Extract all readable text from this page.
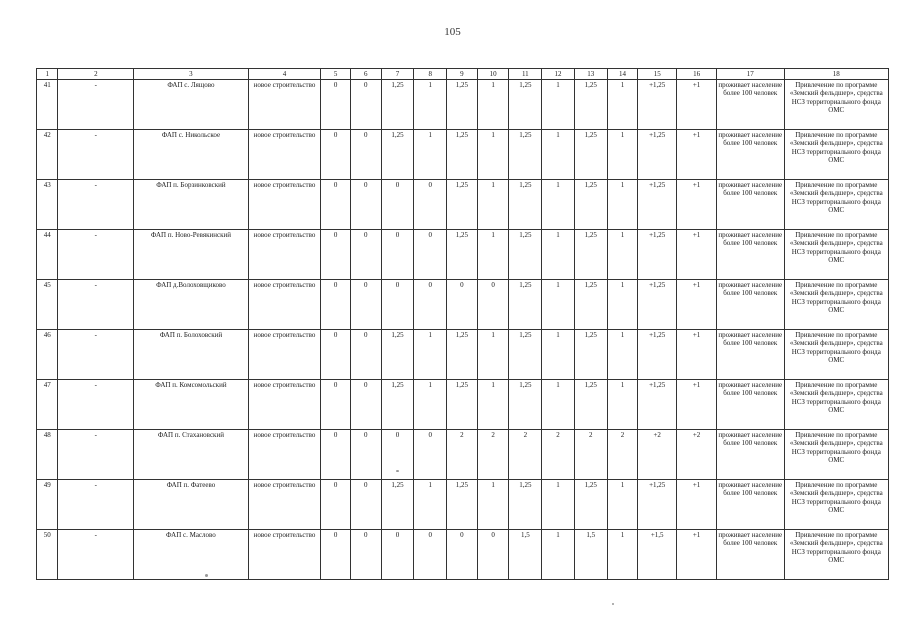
105
1	2	3	4	5	6	7	8	9	10	11	12	13	14	15	16	17	18
41	-	ФАП с. Лящово	новое строительство	0	0	1,25	1	1,25	1	1,25	1	1,25	1	+1,25	+1	проживает население более 100 человек	Привлечение по программе «Земский фельдшер», средства НСЗ территориального фонда ОМС
42	-	ФАП с. Никольское	новое строительство	0	0	1,25	1	1,25	1	1,25	1	1,25	1	+1,25	+1	проживает население более 100 человек	Привлечение по программе «Земский фельдшер», средства НСЗ территориального фонда ОМС
43	-	ФАП п. Борзинковский	новое строительство	0	0	0	0	1,25	1	1,25	1	1,25	1	+1,25	+1	проживает население более 100 человек	Привлечение по программе «Земский фельдшер», средства НСЗ территориального фонда ОМС
44	-	ФАП п. Ново-Ревякинский	новое строительство	0	0	0	0	1,25	1	1,25	1	1,25	1	+1,25	+1	проживает население более 100 человек	Привлечение по программе «Земский фельдшер», средства НСЗ территориального фонда ОМС
45	-	ФАП д.Волоховщиково	новое строительство	0	0	0	0	0	0	1,25	1	1,25	1	+1,25	+1	проживает население более 100 человек	Привлечение по программе «Земский фельдшер», средства НСЗ территориального фонда ОМС
46	-	ФАП п. Болоховский	новое строительство	0	0	1,25	1	1,25	1	1,25	1	1,25	1	+1,25	+1	проживает население более 100 человек	Привлечение по программе «Земский фельдшер», средства НСЗ территориального фонда ОМС
47	-	ФАП п. Комсомольский	новое строительство	0	0	1,25	1	1,25	1	1,25	1	1,25	1	+1,25	+1	проживает население более 100 человек	Привлечение по программе «Земский фельдшер», средства НСЗ территориального фонда ОМС
48	-	ФАП п. Стахановский	новое строительство	0	0	0	0	2	2	2	2	2	2	+2	+2	проживает население более 100 человек	Привлечение по программе «Земский фельдшер», средства НСЗ территориального фонда ОМС
49	-	ФАП п. Фатеево	новое строительство	0	0	1,25	1	1,25	1	1,25	1	1,25	1	+1,25	+1	проживает население более 100 человек	Привлечение по программе «Земский фельдшер», средства НСЗ территориального фонда ОМС
50	-	ФАП с. Маслово	новое строительство	0	0	0	0	0	0	1,5	1	1,5	1	+1,5	+1	проживает население более 100 человек	Привлечение по программе «Земский фельдшер», средства НСЗ территориального фонда ОМС
